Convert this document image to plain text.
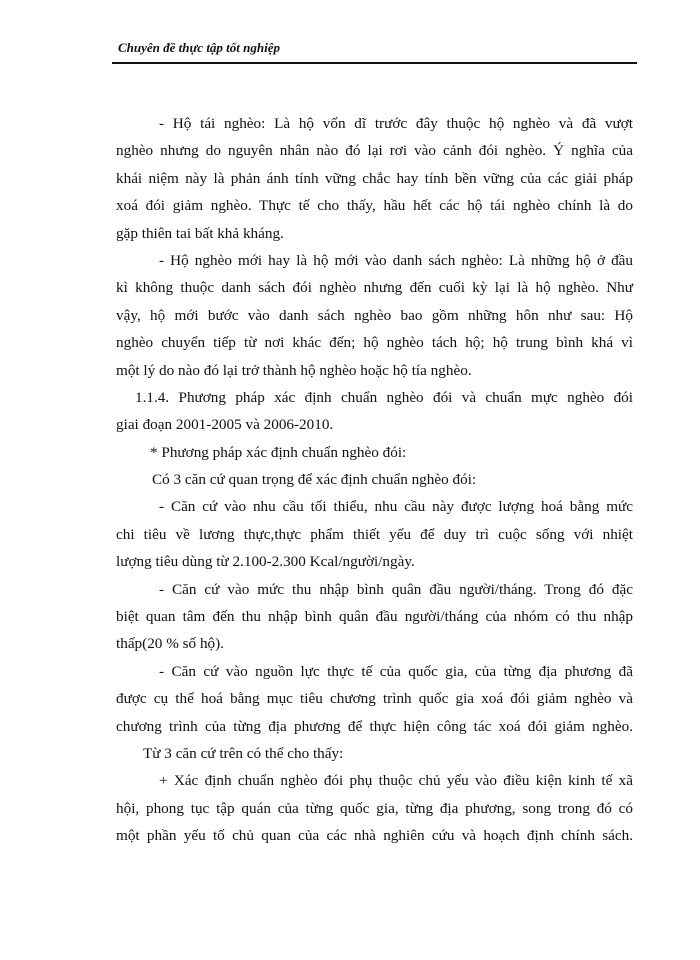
Chuyên đề thực tập tốt nghiệp
- Hộ tái nghèo: Là hộ vốn dĩ trước đây thuộc hộ nghèo và đã vượt
nghèo nhưng do nguyên nhân nào đó lại rơi vào cảnh đói nghèo. Ý nghĩa của
khái niệm này là phản ánh tính vững chắc hay tính bền vững của các giải pháp
xoá đói giảm nghèo. Thực tế cho thấy, hầu hết các hộ tái nghèo chính là do
gặp thiên tai bất khả kháng.
- Hộ nghèo mới hay là hộ mới vào danh sách nghèo: Là những hộ ở đầu
kì không thuộc danh sách đói nghèo nhưng đến cuối kỳ lại là hộ nghèo. Như
vậy, hộ mới bước vào danh sách nghèo bao gồm những hôn như sau: Hộ
nghèo chuyển tiếp từ nơi khác đến; hộ nghèo tách hộ; hộ trung bình khá vì
một lý do nào đó lại trở thành hộ nghèo hoặc hộ tía nghèo.
1.1.4. Phương pháp xác định chuẩn nghèo đói và chuẩn mực nghèo đói
giai đoạn 2001-2005 và 2006-2010.
* Phương pháp xác định chuẩn nghèo đói:
Có 3 căn cứ quan trọng để xác định chuẩn nghèo đói:
- Căn cứ vào nhu cầu tối thiểu, nhu cầu này được lượng hoá bằng mức
chi tiêu về lương thực,thực phẩm thiết yếu để duy trì cuộc sống với nhiệt
lượng tiêu dùng từ 2.100-2.300 Kcal/người/ngày.
- Căn cứ vào mức thu nhập bình quân đầu người/tháng. Trong đó đặc
biệt quan tâm đến thu nhập bình quân đầu người/tháng của nhóm có thu nhập
thấp(20 % số hộ).
- Căn cứ vào nguồn lực thực tế của quốc gia, của từng địa phương đã
được cụ thể hoá bằng mục tiêu chương trình quốc gia xoá đói giảm nghèo và
chương trình của từng địa phương để thực hiện công tác xoá đói giảm nghèo.
Từ 3 căn cứ trên có thể cho thấy:
+ Xác định chuẩn nghèo đói phụ thuộc chủ yếu vào điều kiện kinh tế xã
hội, phong tục tập quán của từng quốc gia, từng địa phương, song trong đó có
một phần yếu tố chủ quan của các nhà nghiên cứu và hoạch định chính sách.
